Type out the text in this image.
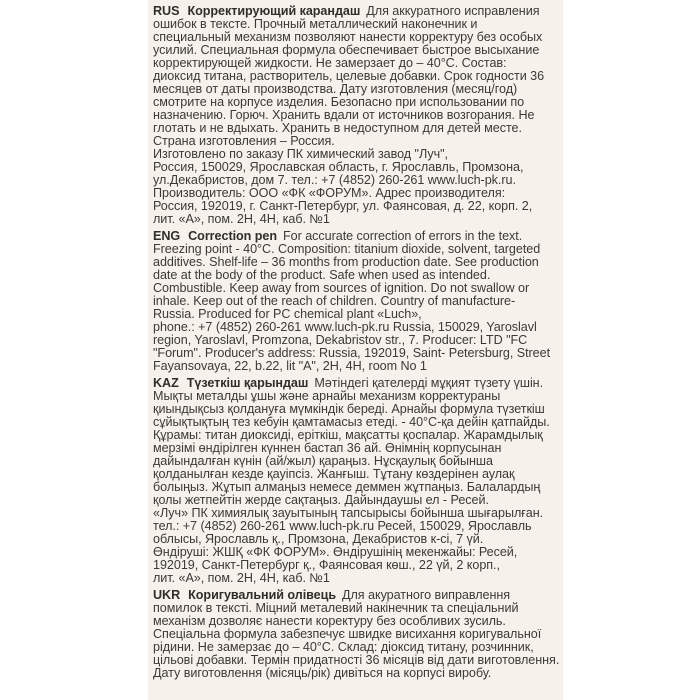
RUS Корректирующий карандаш Для аккуратного исправления
ошибок в тексте. Прочный металлический наконечник и
специальный механизм позволяют нанести корректуру без особых
усилий. Специальная формула обеспечивает быстрое высыхание
корректирующей жидкости. Не замерзает до – 40°С. Состав:
диоксид титана, растворитель, целевые добавки. Срок годности 36
месяцев от даты производства. Дату изготовления (месяц/год)
смотрите на корпусе изделия. Безопасно при использовании по
назначению. Горюч. Хранить вдали от источников возгорания. Не
глотать и не вдыхать. Хранить в недоступном для детей месте.
Страна изготовления – Россия.
Изготовлено по заказу ПК химический завод "Луч",
Россия, 150029, Ярославская область, г. Ярославль, Промзона,
ул.Декабристов, дом 7. тел.: +7 (4852) 260-261 www.luch-pk.ru.
Производитель: ООО «ФК «ФОРУМ». Адрес производителя:
Россия, 192019, г. Санкт-Петербург, ул. Фаянсовая, д. 22, корп. 2,
лит. «А», пом. 2Н, 4Н, каб. №1
ENG Correction pen For accurate correction of errors in the text.
Freezing point - 40°C. Composition: titanium dioxide, solvent, targeted
additives. Shelf-life – 36 months from production date. See production
date at the body of the product. Safe when used as intended.
Combustible. Keep away from sources of ignition. Do not swallow or
inhale. Keep out of the reach of children. Country of manufacture-
Russia. Produced for PC chemical plant «Luch»,
phone.: +7 (4852) 260-261 www.luch-pk.ru Russia, 150029, Yaroslavl
region, Yaroslavl, Promzona, Dekabristov str., 7. Producer: LTD "FC
"Forum". Producer's address: Russia, 192019, Saint- Petersburg, Street
Fayansovaya, 22, b.22, lit "A", 2H, 4H, room No 1
KAZ Түзеткіш қарындаш Мәтіндегі қателерді мұқият түзету үшін.
Мықты металды ұшы және арнайы механизм корректураны
қиындықсыз қолдануға мүмкіндік береді. Арнайы формула түзеткіш
сұйықтықтың тез кебуін қамтамасыз етеді. - 40°С-қа дейін қатпайды.
Құрамы: титан диоксиді, еріткіш, мақсатты қоспалар. Жарамдылық
мерзімі өндірілген күннен бастап 36 ай. Өнімнің корпусынан
дайындалған күнін (ай/жыл) қараңыз. Нұсқаулық бойынша
қолданылған кезде қауіпсіз. Жанғыш. Тұтану көздерінен аулақ
болыңыз. Жұтып алмаңыз немесе деммен жұтпаңыз. Балалардың
қолы жетпейтін жерде сақтаңыз. Дайындаушы ел - Ресей.
«Луч» ПК химиялық зауытының тапсырысы бойынша шығарылған.
тел.: +7 (4852) 260-261 www.luch-pk.ru Ресей, 150029, Ярославль
облысы, Ярославль қ., Промзона, Декабристов к-сі, 7 үй.
Өндіруші: ЖШҚ «ФК ФОРУМ». Өндірушінің мекенжайы: Ресей,
192019, Санкт-Петербург қ., Фаянсовая көш., 22 үй, 2 корп.,
лит. «А», пом. 2Н, 4Н, каб. №1
UKR Коригувальний олівець Для акуратного виправлення
помилок в тексті. Міцний металевий накінечник та спеціальний
механізм дозволяє нанести коректуру без особливих зусиль.
Спеціальна формула забезпечує швидке висихання коригувальної
рідини. Не замерзає до – 40°С. Склад: діоксид титану, розчинник,
цільові добавки. Термін придатності 36 місяців від дати виготовлення.
Дату виготовлення (місяць/рік) дивіться на корпусі виробу.
